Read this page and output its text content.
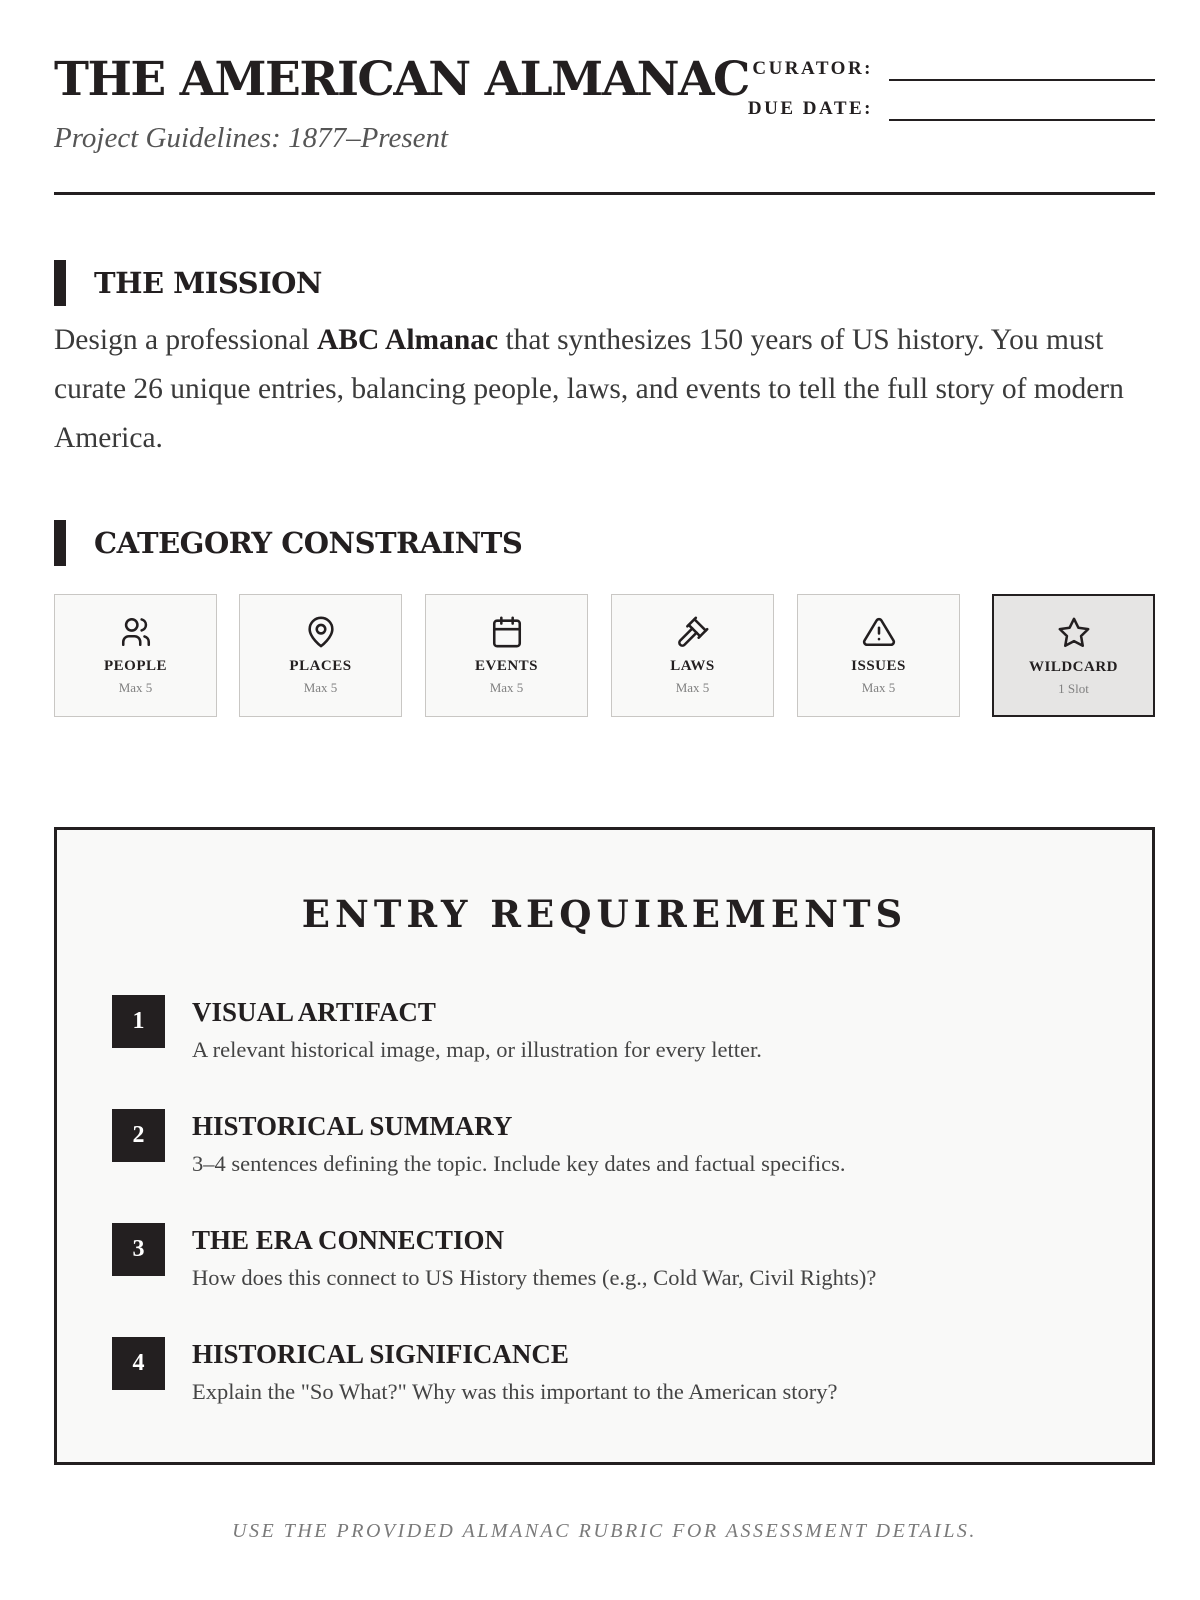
THE AMERICAN ALMANAC

Project Guidelines: 1877–Present

CURATOR:
DUE DATE:
THE MISSION

Design a professional ABC Almanac that synthesizes 150 years of US history. You must curate 26 unique entries, balancing people, laws, and events to tell the full story of modern America.

CATEGORY CONSTRAINTS
PEOPLE
Max 5
PLACES
Max 5
EVENTS
Max 5
LAWS
Max 5
ISSUES
Max 5
WILDCARD
1 Slot
ENTRY REQUIREMENTS
1	VISUAL ARTIFACT
A relevant historical image, map, or illustration for every letter.
2	HISTORICAL SUMMARY
3–4 sentences defining the topic. Include key dates and factual specifics.
3	THE ERA CONNECTION
How does this connect to US History themes (e.g., Cold War, Civil Rights)?
4	HISTORICAL SIGNIFICANCE
Explain the "So What?" Why was this important to the American story?

USE THE PROVIDED ALMANAC RUBRIC FOR ASSESSMENT DETAILS.
